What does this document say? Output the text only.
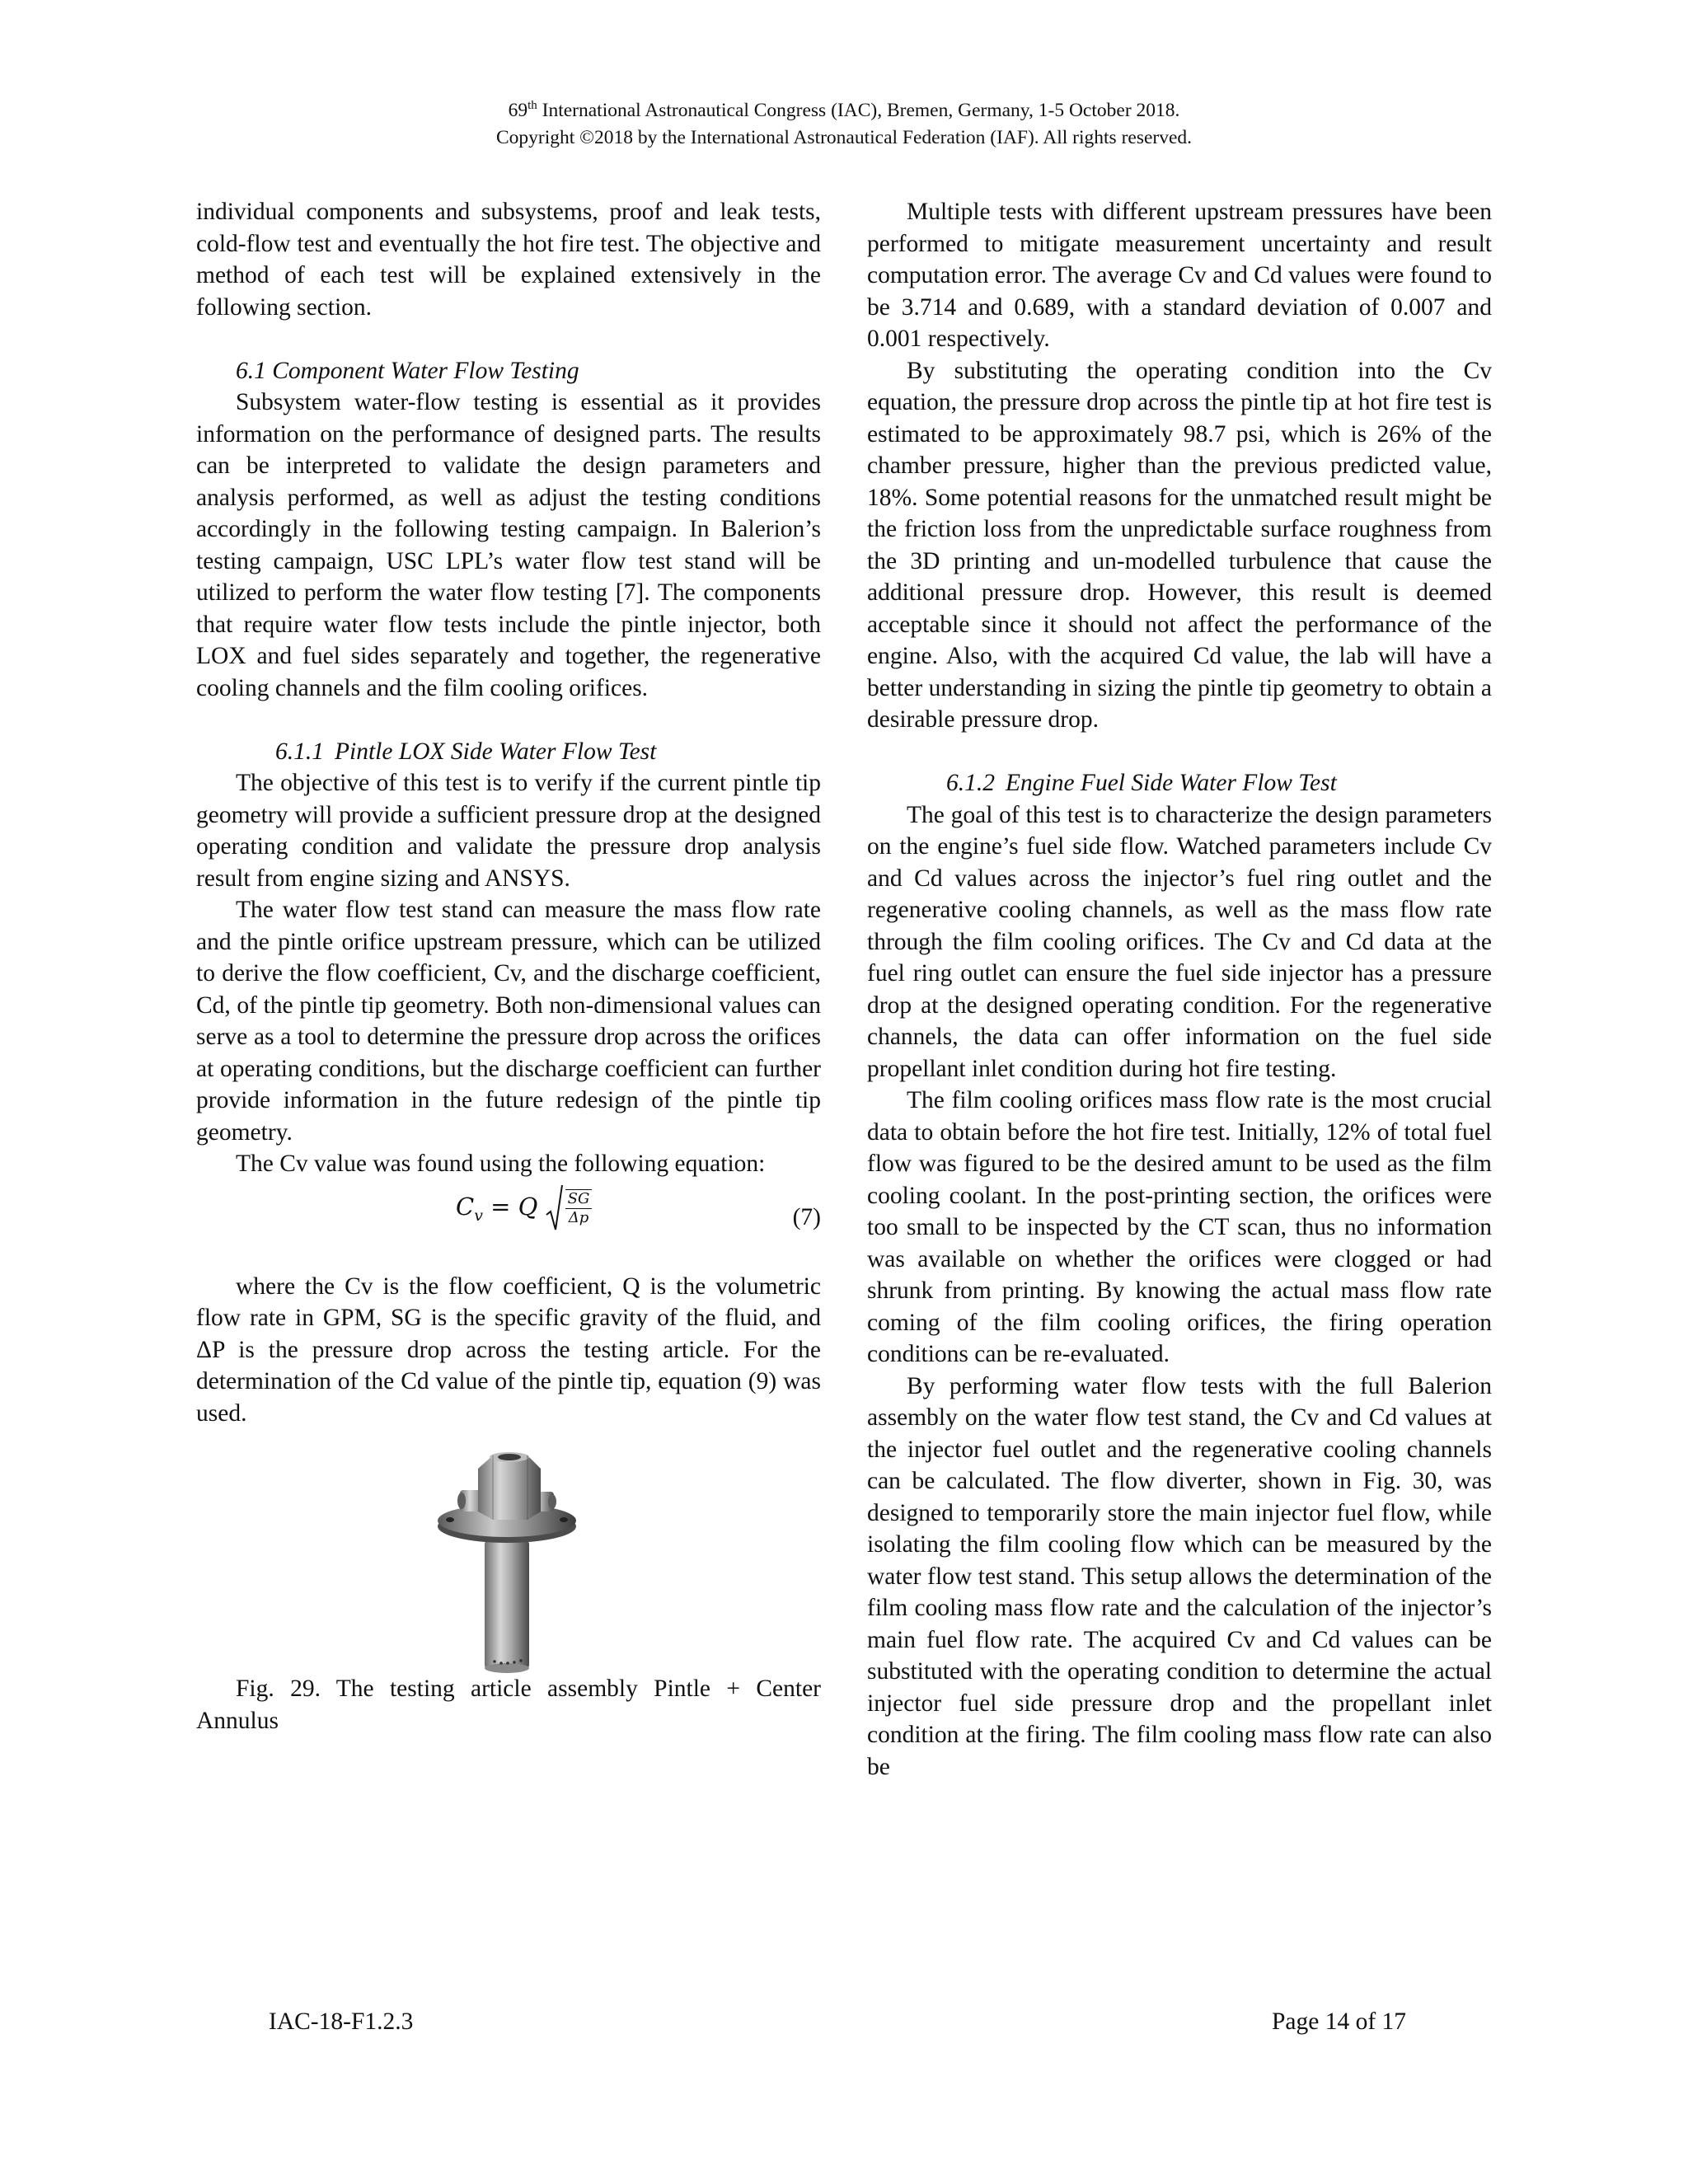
69th International Astronautical Congress (IAC), Bremen, Germany, 1-5 October 2018.
Copyright ©2018 by the International Astronautical Federation (IAF). All rights reserved.

individual components and subsystems, proof and leak tests, cold-flow test and eventually the hot fire test. The objective and method of each test will be explained extensively in the following section.

6.1 Component Water Flow Testing

Subsystem water-flow testing is essential as it provides information on the performance of designed parts. The results can be interpreted to validate the design parameters and analysis performed, as well as adjust the testing conditions accordingly in the following testing campaign. In Balerion’s testing campaign, USC LPL’s water flow test stand will be utilized to perform the water flow testing [7]. The components that require water flow tests include the pintle injector, both LOX and fuel sides separately and together, the regenerative cooling channels and the film cooling orifices.

6.1.1 Pintle LOX Side Water Flow Test

The objective of this test is to verify if the current pintle tip geometry will provide a sufficient pressure drop at the designed operating condition and validate the pressure drop analysis result from engine sizing and ANSYS.

The water flow test stand can measure the mass flow rate and the pintle orifice upstream pressure, which can be utilized to derive the flow coefficient, Cv, and the discharge coefficient, Cd, of the pintle tip geometry. Both non-dimensional values can serve as a tool to determine the pressure drop across the orifices at operating conditions, but the discharge coefficient can further provide information in the future redesign of the pintle tip geometry.

The Cv value was found using the following equation:

$C_v = Q \frac{SG}{\Delta p}$	(7)

where the Cv is the flow coefficient, Q is the volumetric flow rate in GPM, SG is the specific gravity of the fluid, and ΔP is the pressure drop across the testing article. For the determination of the Cd value of the pintle tip, equation (9) was used.

Fig. 29. The testing article assembly Pintle + Center Annulus

Multiple tests with different upstream pressures have been performed to mitigate measurement uncertainty and result computation error. The average Cv and Cd values were found to be 3.714 and 0.689, with a standard deviation of 0.007 and 0.001 respectively.

By substituting the operating condition into the Cv equation, the pressure drop across the pintle tip at hot fire test is estimated to be approximately 98.7 psi, which is 26% of the chamber pressure, higher than the previous predicted value, 18%. Some potential reasons for the unmatched result might be the friction loss from the unpredictable surface roughness from the 3D printing and un-modelled turbulence that cause the additional pressure drop. However, this result is deemed acceptable since it should not affect the performance of the engine. Also, with the acquired Cd value, the lab will have a better understanding in sizing the pintle tip geometry to obtain a desirable pressure drop.

6.1.2 Engine Fuel Side Water Flow Test

The goal of this test is to characterize the design parameters on the engine’s fuel side flow. Watched parameters include Cv and Cd values across the injector’s fuel ring outlet and the regenerative cooling channels, as well as the mass flow rate through the film cooling orifices. The Cv and Cd data at the fuel ring outlet can ensure the fuel side injector has a pressure drop at the designed operating condition. For the regenerative channels, the data can offer information on the fuel side propellant inlet condition during hot fire testing.

The film cooling orifices mass flow rate is the most crucial data to obtain before the hot fire test. Initially, 12% of total fuel flow was figured to be the desired amunt to be used as the film cooling coolant. In the post-printing section, the orifices were too small to be inspected by the CT scan, thus no information was available on whether the orifices were clogged or had shrunk from printing. By knowing the actual mass flow rate coming of the film cooling orifices, the firing operation conditions can be re-evaluated.

By performing water flow tests with the full Balerion assembly on the water flow test stand, the Cv and Cd values at the injector fuel outlet and the regenerative cooling channels can be calculated. The flow diverter, shown in Fig. 30, was designed to temporarily store the main injector fuel flow, while isolating the film cooling flow which can be measured by the water flow test stand. This setup allows the determination of the film cooling mass flow rate and the calculation of the injector’s main fuel flow rate. The acquired Cv and Cd values can be substituted with the operating condition to determine the actual injector fuel side pressure drop and the propellant inlet condition at the firing. The film cooling mass flow rate can also be

IAC-18-F1.2.3	Page 14 of 17
